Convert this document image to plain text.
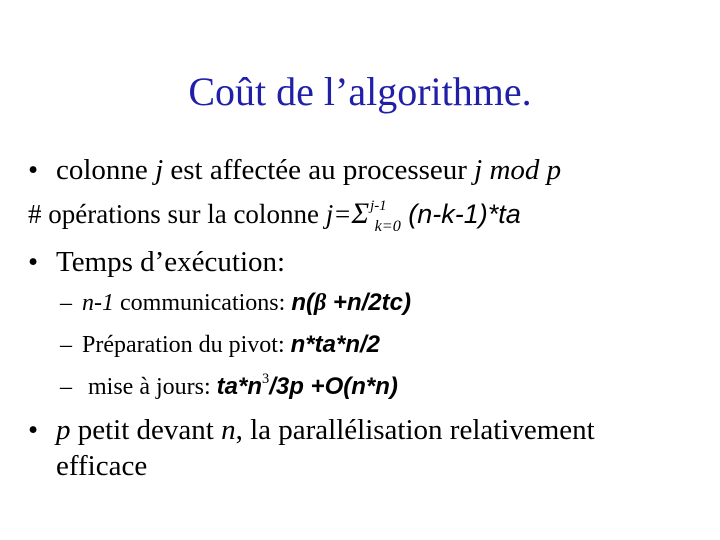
Coût de l’algorithme.
• colonne j est affectée au processeur j mod p
# opérations sur la colonne j=Σj-1k=0 (n-k-1)*ta
• Temps d’exécution:
– n-1 communications: n(β +n/2tc)
– Préparation du pivot: n*ta*n/2
– mise à jours: $ta*n^3/3p +O(n*n)$
• p petit devant n, la parallélisation relativement
efficace
